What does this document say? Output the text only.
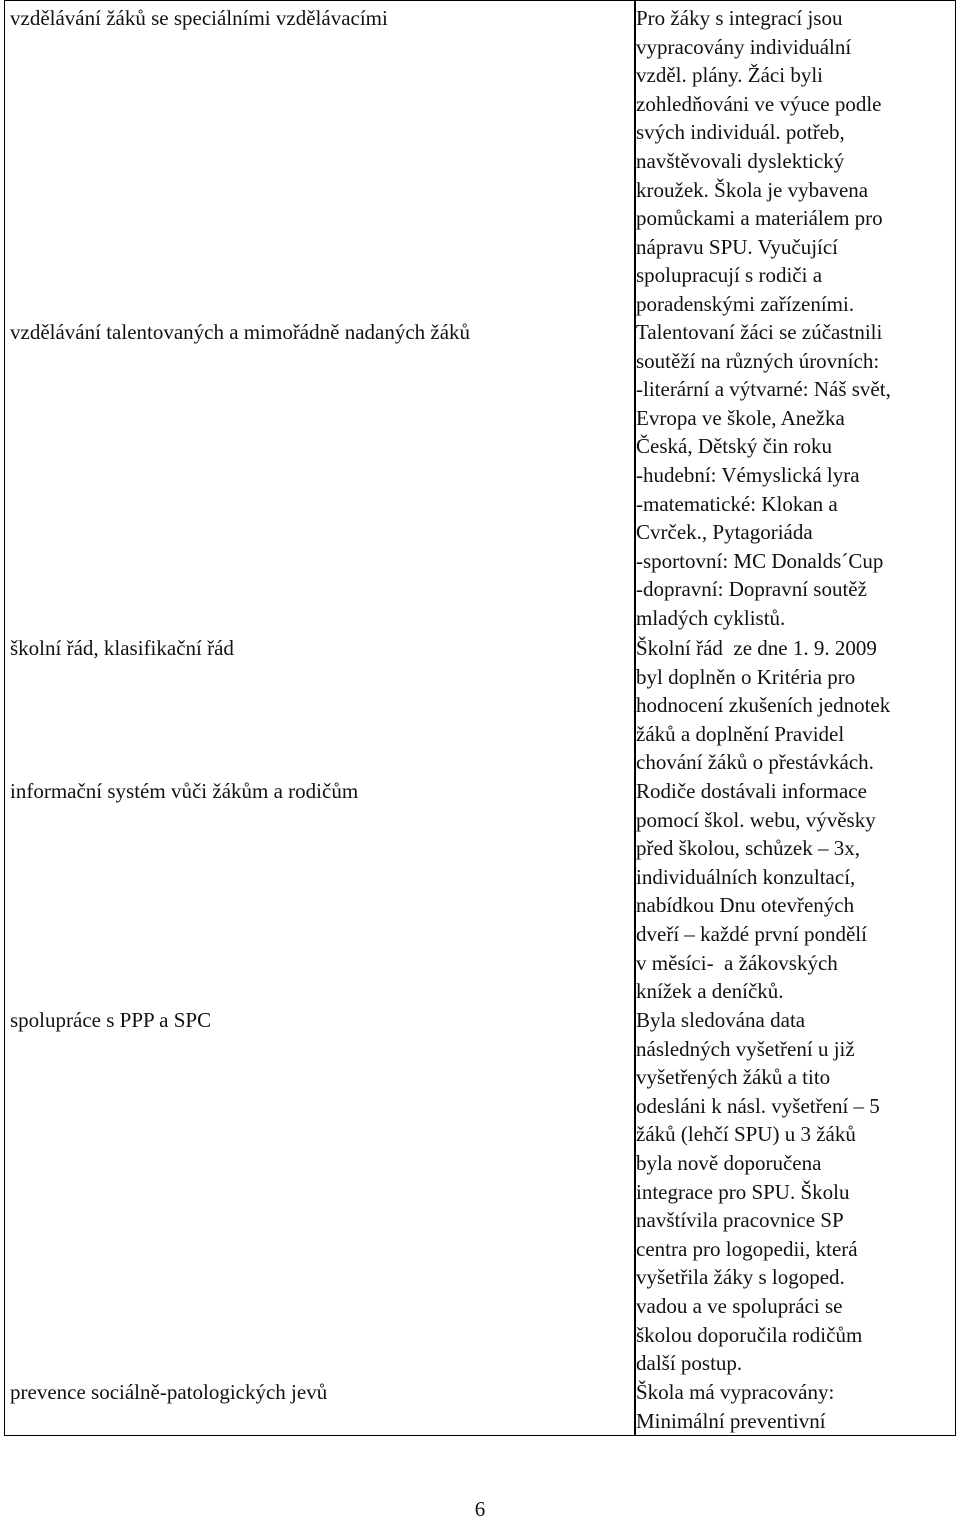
vzdělávání žáků se speciálními vzdělávacími	Pro žáky s integrací jsou
vypracovány individuální
vzděl. plány. Žáci byli
zohledňováni ve výuce podle
svých individuál. potřeb,
navštěvovali dyslektický
kroužek. Škola je vybavena
pomůckami a materiálem pro
nápravu SPU. Vyučující
spolupracují s rodiči a
poradenskými zařízeními.
vzdělávání talentovaných a mimořádně nadaných žáků	Talentovaní žáci se zúčastnili
soutěží na různých úrovních:
-literární a výtvarné: Náš svět,
Evropa ve škole, Anežka
Česká, Dětský čin roku
-hudební: Vémyslická lyra
-matematické: Klokan a
Cvrček., Pytagoriáda
-sportovní: MC Donalds´Cup
-dopravní: Dopravní soutěž
mladých cyklistů.
školní řád, klasifikační řád	Školní řád  ze dne 1. 9. 2009
byl doplněn o Kritéria pro
hodnocení zkušeních jednotek
žáků a doplnění Pravidel
chování žáků o přestávkách.
informační systém vůči žákům a rodičům	Rodiče dostávali informace
pomocí škol. webu, vývěsky
před školou, schůzek – 3x,
individuálních konzultací,
nabídkou Dnu otevřených
dveří – každé první pondělí
v měsíci-  a žákovských
knížek a deníčků.
spolupráce s PPP a SPC	Byla sledována data
následných vyšetření u již
vyšetřených žáků a tito
odesláni k násl. vyšetření – 5
žáků (lehčí SPU) u 3 žáků
byla nově doporučena
integrace pro SPU. Školu
navštívila pracovnice SP
centra pro logopedii, která
vyšetřila žáky s logoped.
vadou a ve spolupráci se
školou doporučila rodičům
další postup.
prevence sociálně-patologických jevů	Škola má vypracovány:
Minimální preventivní
6
